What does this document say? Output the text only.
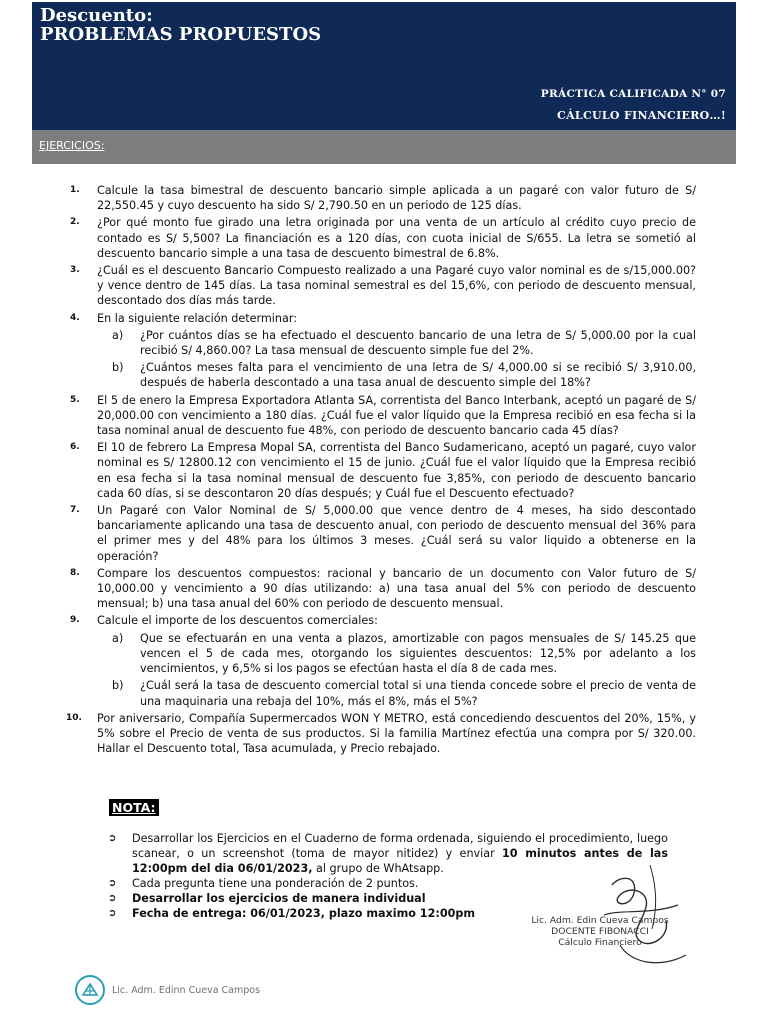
Descuento:
PROBLEMAS PROPUESTOS
PRÁCTICA CALIFICADA N° 07
CÁLCULO FINANCIERO…!
EJERCICIOS:
1. Calcule la tasa bimestral de descuento bancario simple aplicada a un pagaré con valor futuro de S/ 22,550.45 y cuyo descuento ha sido S/ 2,790.50 en un periodo de 125 días.
2. ¿Por qué monto fue girado una letra originada por una venta de un artículo al crédito cuyo precio de contado es S/ 5,500? La financiación es a 120 días, con cuota inicial de S/655. La letra se sometió al descuento bancario simple a una tasa de descuento bimestral de 6.8%.
3. ¿Cuál es el descuento Bancario Compuesto realizado a una Pagaré cuyo valor nominal es de s/15,000.00? y vence dentro de 145 días. La tasa nominal semestral es del 15,6%, con periodo de descuento mensual, descontado dos días más tarde.
4. En la siguiente relación determinar:
a) ¿Por cuántos días se ha efectuado el descuento bancario de una letra de S/ 5,000.00 por la cual recibió S/ 4,860.00? La tasa mensual de descuento simple fue del 2%.
b) ¿Cuántos meses falta para el vencimiento de una letra de S/ 4,000.00 si se recibió S/ 3,910.00, después de haberla descontado a una tasa anual de descuento simple del 18%?
5. El 5 de enero la Empresa Exportadora Atlanta SA, correntista del Banco Interbank, aceptó un pagaré de S/ 20,000.00 con vencimiento a 180 días. ¿Cuál fue el valor líquido que la Empresa recibió en esa fecha si la tasa nominal anual de descuento fue 48%, con periodo de descuento bancario cada 45 días?
6. El 10 de febrero La Empresa Mopal SA, correntista del Banco Sudamericano, aceptó un pagaré, cuyo valor nominal es S/ 12800.12 con vencimiento el 15 de junio. ¿Cuál fue el valor líquido que la Empresa recibió en esa fecha si la tasa nominal mensual de descuento fue 3,85%, con periodo de descuento bancario cada 60 días, si se descontaron 20 días después; y Cuál fue el Descuento efectuado?
7. Un Pagaré con Valor Nominal de S/ 5,000.00 que vence dentro de 4 meses, ha sido descontado bancariamente aplicando una tasa de descuento anual, con periodo de descuento mensual del 36% para el primer mes y del 48% para los últimos 3 meses. ¿Cuál será su valor liquido a obtenerse en la operación?
8. Compare los descuentos compuestos: racional y bancario de un documento con Valor futuro de S/ 10,000.00 y vencimiento a 90 días utilizando: a) una tasa anual del 5% con periodo de descuento mensual; b) una tasa anual del 60% con periodo de descuento mensual.
9. Calcule el importe de los descuentos comerciales:
a) Que se efectuarán en una venta a plazos, amortizable con pagos mensuales de S/ 145.25 que vencen el 5 de cada mes, otorgando los siguientes descuentos: 12,5% por adelanto a los vencimientos, y 6,5% si los pagos se efectúan hasta el día 8 de cada mes.
b) ¿Cuál será la tasa de descuento comercial total si una tienda concede sobre el precio de venta de una maquinaria una rebaja del 10%, más el 8%, más el 5%?
10. Por aniversario, Compañía Supermercados WON Y METRO, está concediendo descuentos del 20%, 15%, y 5% sobre el Precio de venta de sus productos. Si la familia Martínez efectúa una compra por S/ 320.00. Hallar el Descuento total, Tasa acumulada, y Precio rebajado.
NOTA:
➲ Desarrollar los Ejercicios en el Cuaderno de forma ordenada, siguiendo el procedimiento, luego scanear, o un screenshot (toma de mayor nitidez) y enviar 10 minutos antes de las 12:00pm del dia 06/01/2023, al grupo de WhAtsapp.
➲ Cada pregunta tiene una ponderación de 2 puntos.
➲ Desarrollar los ejercicios de manera individual
➲ Fecha de entrega: 06/01/2023, plazo maximo 12:00pm
Lic. Adm. Edin Cueva Campos
DOCENTE FIBONACCI
Cálculo Financiero
Lic. Adm. Edinn Cueva Campos
